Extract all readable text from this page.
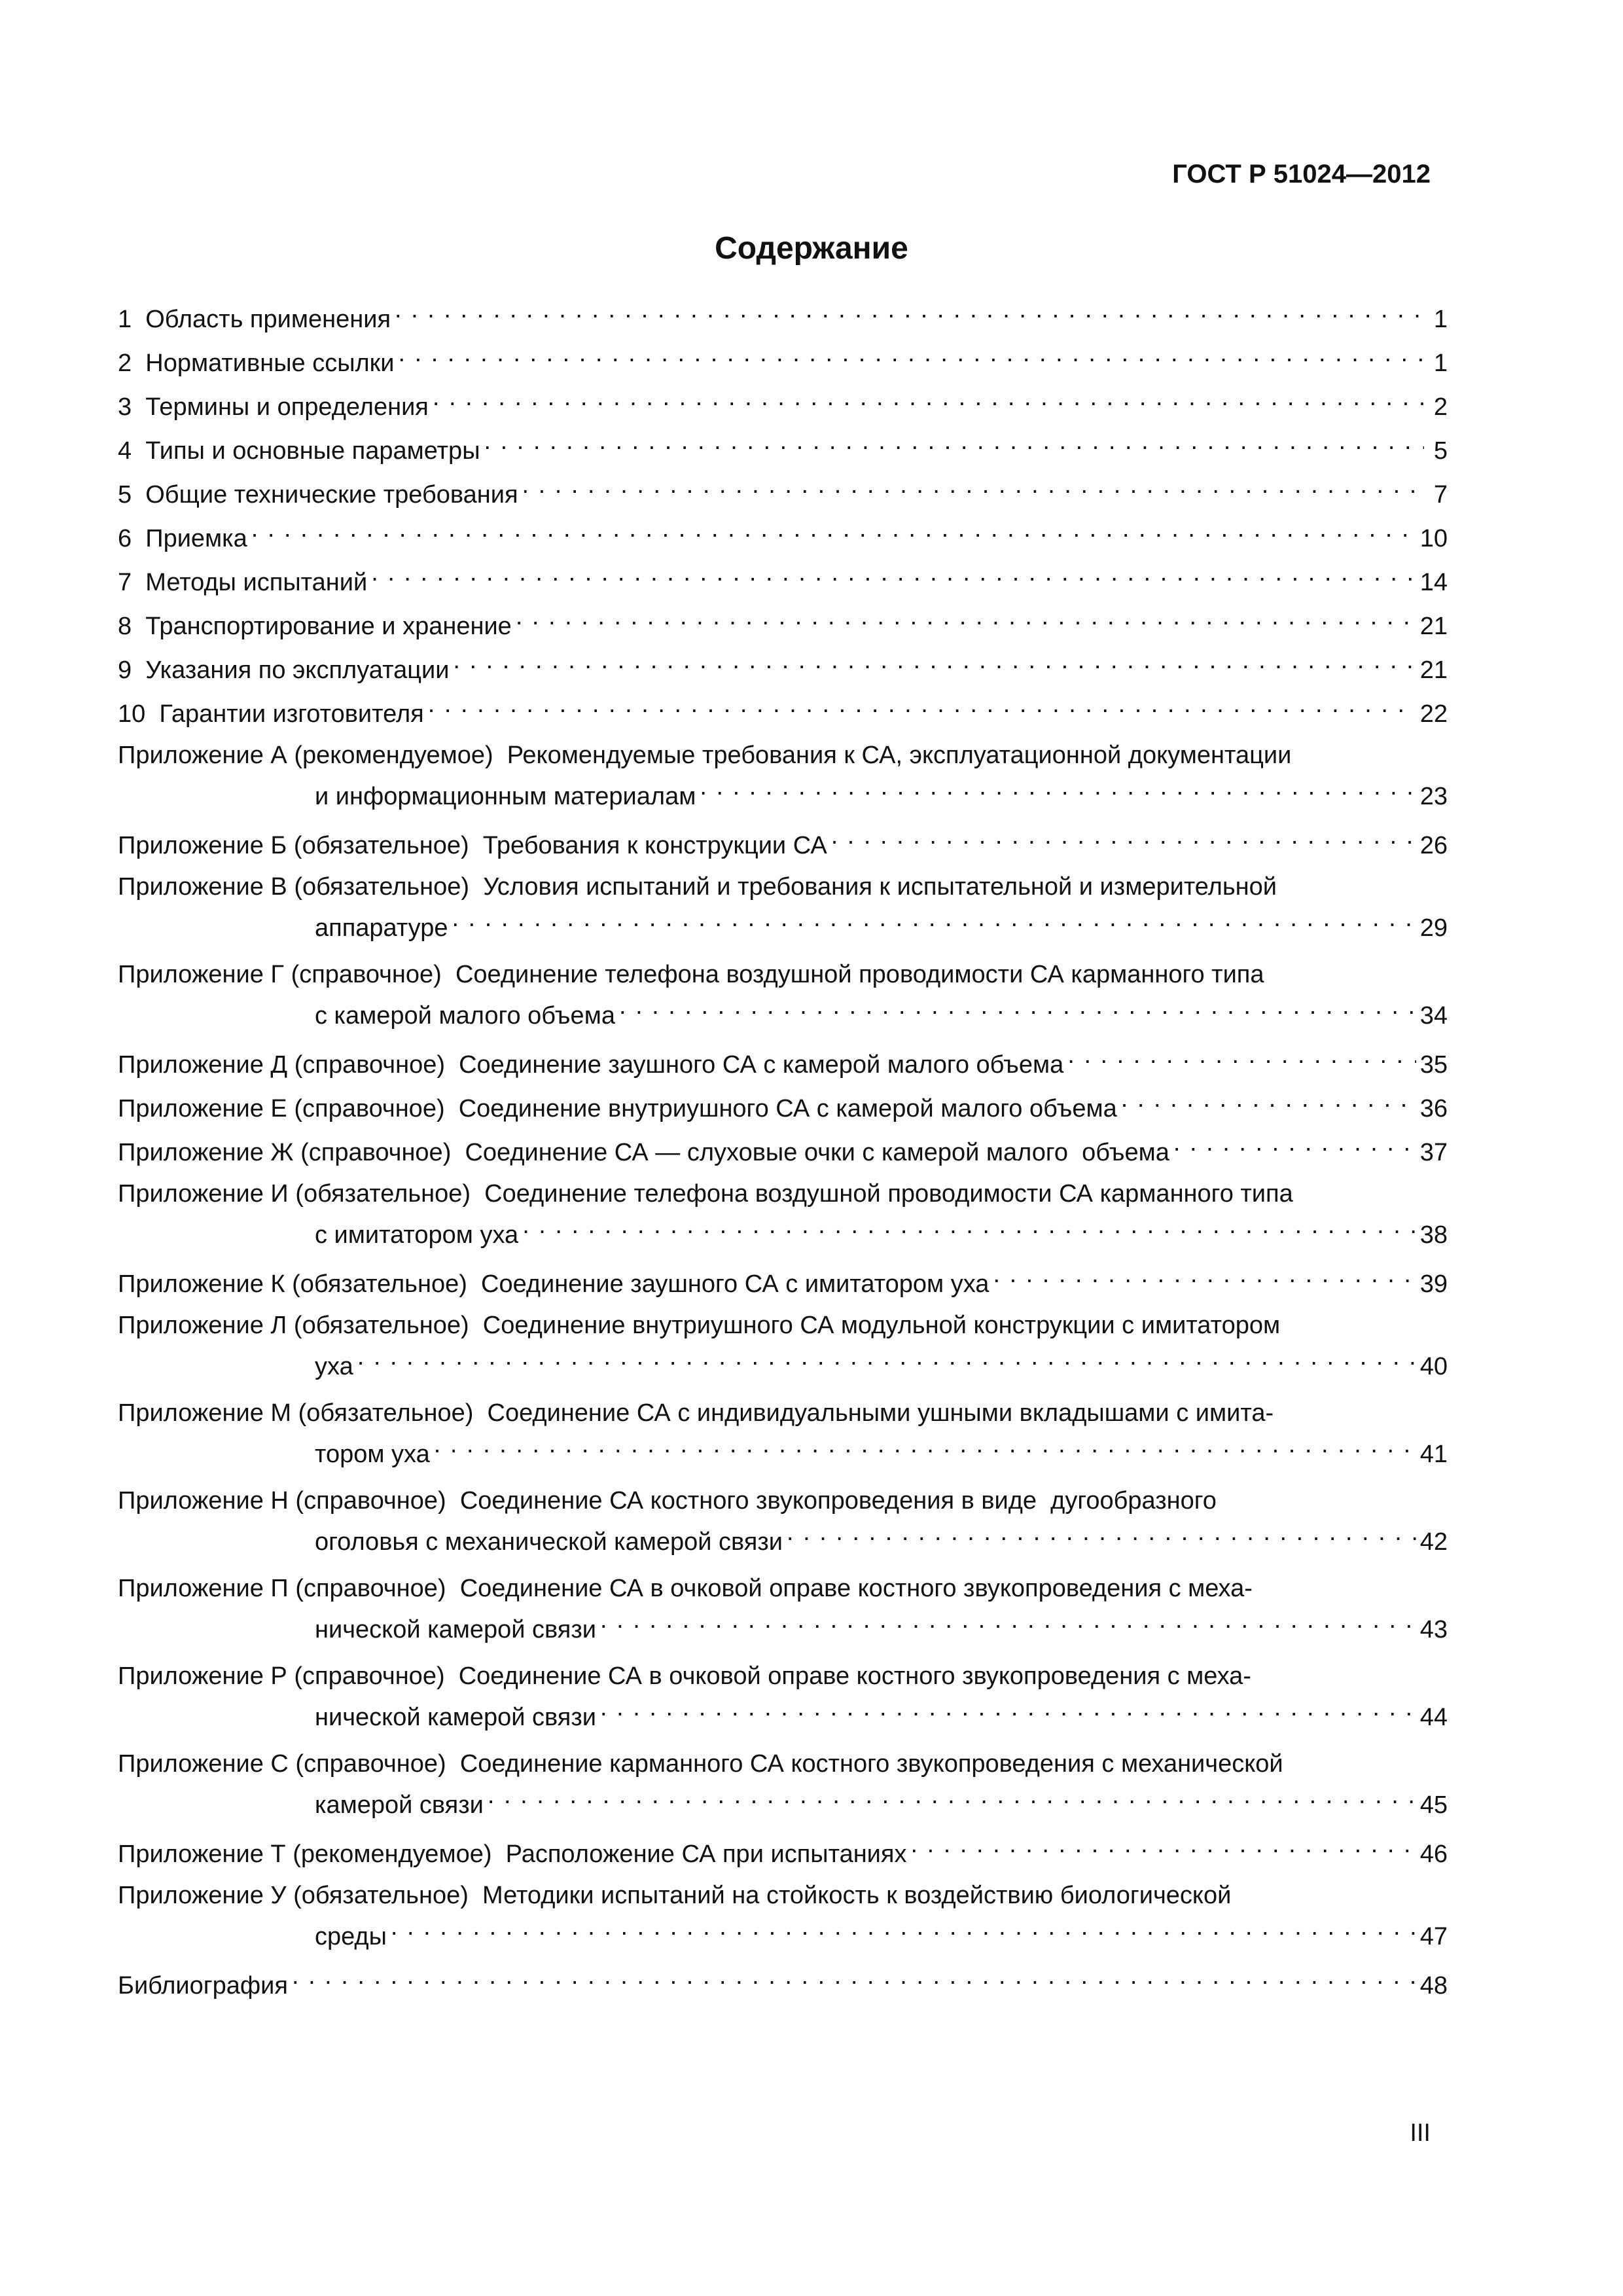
ГОСТ Р 51024—2012
Содержание
1 Область применения . . .	1
2 Нормативные ссылки . . .	1
3 Термины и определения . . .	2
4 Типы и основные параметры . . .	5
5 Общие технические требования . . .	7
6 Приемка . . .	10
7 Методы испытаний . . .	14
8 Транспортирование и хранение . . .	21
9 Указания по эксплуатации . . .	21
10 Гарантии изготовителя . . .	22
Приложение А (рекомендуемое)  Рекомендуемые требования к СА, эксплуатационной документации
и информационным материалам . . .	23
Приложение Б (обязательное) Требования к конструкции СА . . .	26
Приложение В (обязательное)  Условия испытаний и требования к испытательной и измерительной
аппаратуре . . .	29
Приложение Г (справочное)  Соединение телефона воздушной проводимости СА карманного типа
с камерой малого объема . . .	34
Приложение Д (справочное) Соединение заушного СА с камерой малого объема . . .	35
Приложение Е (справочное) Соединение внутриушного СА с камерой малого объема . . .	36
Приложение Ж (справочное) Соединение СА — слуховые очки с камерой малого  объема . . .	37
Приложение И (обязательное)  Соединение телефона воздушной проводимости СА карманного типа
с имитатором уха . . .	38
Приложение К (обязательное) Соединение заушного СА с имитатором уха . . .	39
Приложение Л (обязательное)  Соединение внутриушного СА модульной конструкции с имитатором
уха . . .	40
Приложение М (обязательное)  Соединение СА с индивидуальными ушными вкладышами с имита-
тором уха . . .	41
Приложение Н (справочное)  Соединение СА костного звукопроведения в виде  дугообразного
оголовья с механической камерой связи . . .	42
Приложение П (справочное)  Соединение СА в очковой оправе костного звукопроведения с меха-
нической камерой связи . . .	43
Приложение Р (справочное)  Соединение СА в очковой оправе костного звукопроведения с меха-
нической камерой связи . . .	44
Приложение С (справочное)  Соединение карманного СА костного звукопроведения с механической
камерой связи . . .	45
Приложение Т (рекомендуемое) Расположение СА при испытаниях . . .	46
Приложение У (обязательное)  Методики испытаний на стойкость к воздействию биологической
среды . . .	47
Библиография . . .	48
III
